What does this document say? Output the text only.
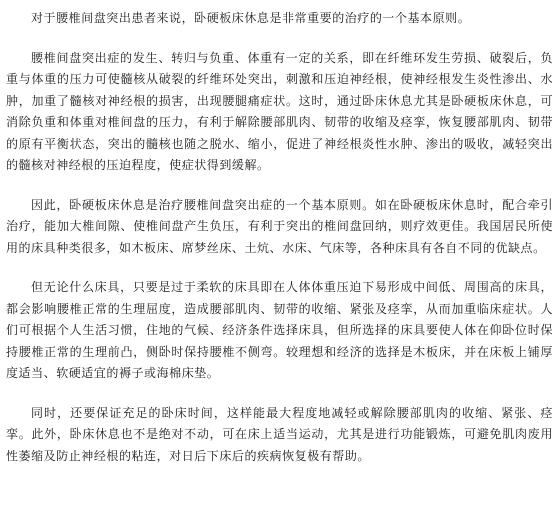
对于腰椎间盘突出患者来说，卧硬板床休息是非常重要的治疗的一个基本原则。

腰椎间盘突出症的发生、转归与负重、体重有一定的关系，即在纤维环发生劳损、破裂后，负重与体重的压力可使髓核从破裂的纤维环处突出，刺激和压迫神经根，使神经根发生炎性渗出、水肿，加重了髓核对神经根的损害，出现腰腿痛症状。这时，通过卧床休息尤其是卧硬板床休息，可消除负重和体重对椎间盘的压力，有利于解除腰部肌肉、韧带的收缩及痉挛，恢复腰部肌肉、韧带的原有平衡状态，突出的髓核也随之脱水、缩小，促进了神经根炎性水肿、渗出的吸收，减轻突出的髓核对神经根的压迫程度，使症状得到缓解。

因此，卧硬板床休息是治疗腰椎间盘突出症的一个基本原则。如在卧硬板床休息时，配合牵引治疗，能加大椎间隙、使椎间盘产生负压，有利于突出的椎间盘回纳，则疗效更佳。我国居民所使用的床具种类很多，如木板床、席梦丝床、土炕、水床、气床等，各种床具有各自不同的优缺点。

但无论什么床具，只要是过于柔软的床具即在人体体重压迫下易形成中间低、周围高的床具，都会影响腰椎正常的生理屈度，造成腰部肌肉、韧带的收缩、紧张及痉挛，从而加重临床症状。人们可根据个人生活习惯，住地的气候、经济条件选择床具，但所选择的床具要使人体在仰卧位时保持腰椎正常的生理前凸，侧卧时保持腰椎不侧弯。较理想和经济的选择是木板床，并在床板上铺厚度适当、软硬适宜的褥子或海棉床垫。

同时，还要保证充足的卧床时间，这样能最大程度地减轻或解除腰部肌肉的收缩、紧张、痉挛。此外，卧床休息也不是绝对不动，可在床上适当运动，尤其是进行功能锻炼，可避免肌肉废用性萎缩及防止神经根的粘连，对日后下床后的疾病恢复极有帮助。
